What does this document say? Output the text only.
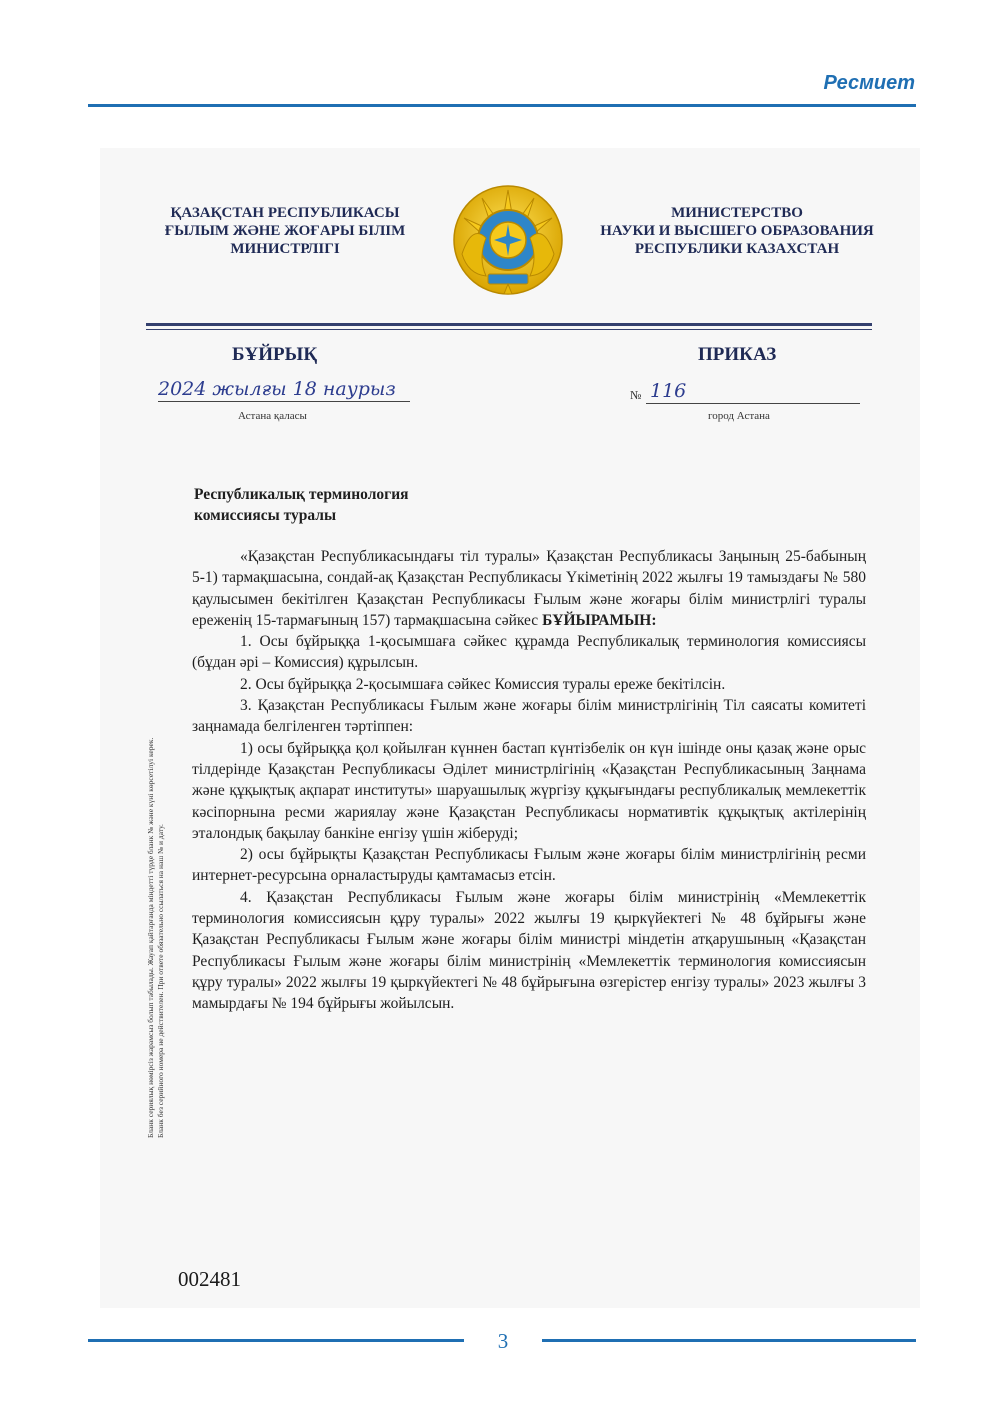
Ресмиет
ҚАЗАҚСТАН РЕСПУБЛИКАСЫ
ҒЫЛЫМ ЖӘНЕ ЖОҒАРЫ БІЛІМ
МИНИСТРЛІГІ
МИНИСТЕРСТВО
НАУКИ И ВЫСШЕГО ОБРАЗОВАНИЯ
РЕСПУБЛИКИ КАЗАХСТАН
БҰЙРЫҚ	ПРИКАЗ
2024 жылғы 18 наурыз
Астана қаласы
№ 116
город Астана
Республикалық терминология
комиссиясы туралы

«Қазақстан Республикасындағы тіл туралы» Қазақстан Республикасы Заңының 25-бабының 5-1) тармақшасына, сондай-ақ Қазақстан Республикасы Үкіметінің 2022 жылғы 19 тамыздағы № 580 қаулысымен бекітілген Қазақстан Республикасы Ғылым және жоғары білім министрлігі туралы ереженің 15-тармағының 157) тармақшасына сәйкес БҰЙЫРАМЫН:

1. Осы бұйрыққа 1-қосымшаға сәйкес құрамда Республикалық терминология комиссиясы (бұдан әрі – Комиссия) құрылсын.

2. Осы бұйрыққа 2-қосымшаға сәйкес Комиссия туралы ереже бекітілсін.

3. Қазақстан Республикасы Ғылым және жоғары білім министрлігінің Тіл саясаты комитеті заңнамада белгіленген тәртіппен:

1) осы бұйрыққа қол қойылған күннен бастап күнтізбелік он күн ішінде оны қазақ және орыс тілдерінде Қазақстан Республикасы Әділет министрлігінің «Қазақстан Республикасының Заңнама және құқықтық ақпарат институты» шаруашылық жүргізу құқығындағы республикалық мемлекеттік кәсіпорнына ресми жариялау және Қазақстан Республикасы нормативтік құқықтық актілерінің эталондық бақылау банкіне енгізу үшін жіберуді;

2) осы бұйрықты Қазақстан Республикасы Ғылым және жоғары білім министрлігінің ресми интернет-ресурсына орналастыруды қамтамасыз етсін.

4. Қазақстан Республикасы Ғылым және жоғары білім министрінің «Мемлекеттік терминология комиссиясын құру туралы» 2022 жылғы 19 қыркүйектегі № 48 бұйрығы және Қазақстан Республикасы Ғылым және жоғары білім министрі міндетін атқарушының «Қазақстан Республикасы Ғылым және жоғары білім министрінің «Мемлекеттік терминология комиссиясын құру туралы» 2022 жылғы 19 қыркүйектегі № 48 бұйрығына өзгерістер енгізу туралы» 2023 жылғы 3 мамырдағы № 194 бұйрығы жойылсын.

Бланк сериялық нөмірсіз жарамсыз болып табылады. Жауап қайтарғанда міндетті түрде бланк № және күні көрсетілуі керек. Бланк без серийного номера не действителен. При ответе обязательно ссылаться на наш № и дату.
002481
3
